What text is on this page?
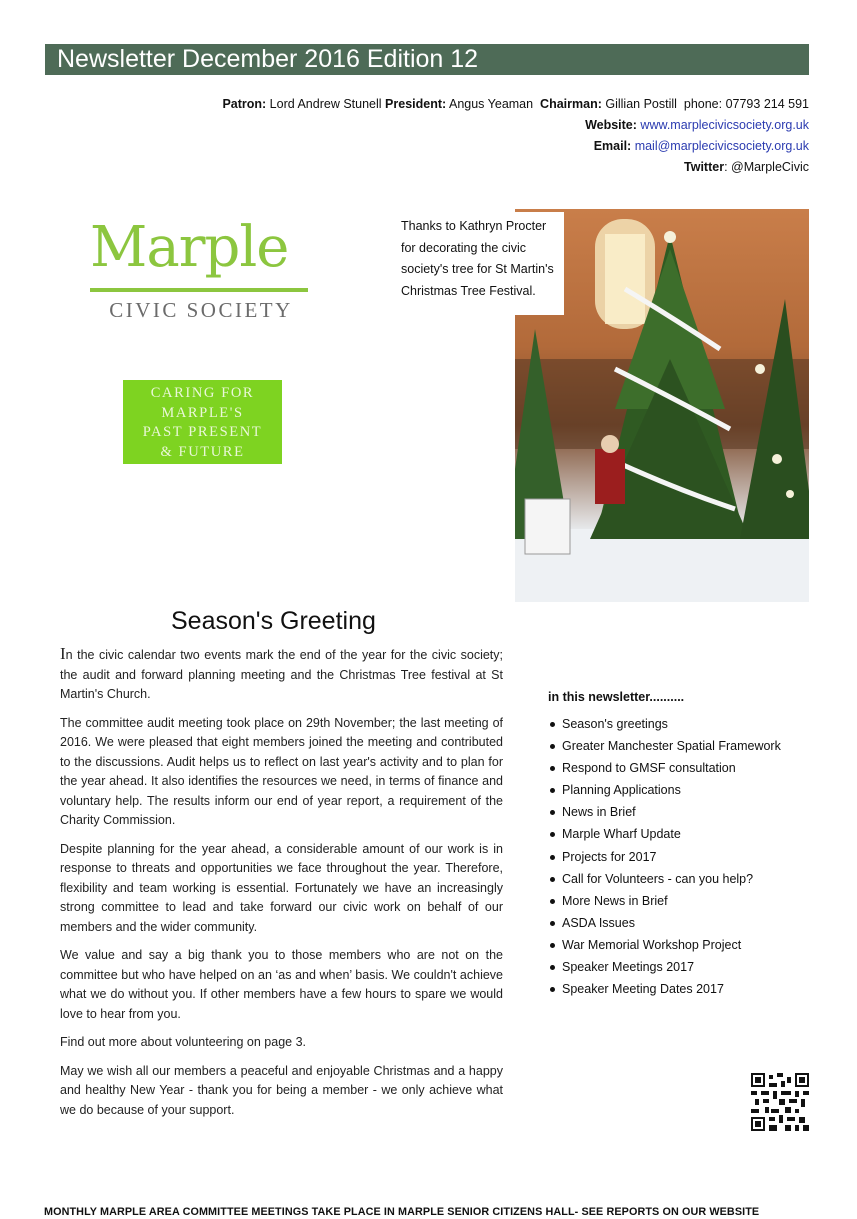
Newsletter December 2016 Edition 12
Patron: Lord Andrew Stunell President: Angus Yeaman Chairman: Gillian Postill phone: 07793 214 591
Website: www.marplecivicsociety.org.uk
Email: mail@marplecivicsociety.org.uk
Twitter: @MarpleCivic
Marple
CIVIC SOCIETY
CARING FOR
MARPLE'S
PAST PRESENT
& FUTURE
Thanks to Kathryn Procter for decorating the civic society's tree for St Martin's Christmas Tree Festival.
Season's Greeting

In the civic calendar two events mark the end of the year for the civic society; the audit and forward planning meeting and the Christmas Tree festival at St Martin's Church.

The committee audit meeting took place on 29th November; the last meeting of 2016. We were pleased that eight members joined the meeting and contributed to the discussions. Audit helps us to reflect on last year's activity and to plan for the year ahead. It also identifies the resources we need, in terms of finance and voluntary help. The results inform our end of year report, a requirement of the Charity Commission.

Despite planning for the year ahead, a considerable amount of our work is in response to threats and opportunities we face throughout the year. Therefore, flexibility and team working is essential. Fortunately we have an increasingly strong committee to lead and take forward our civic work on behalf of our members and the wider community.

We value and say a big thank you to those members who are not on the committee but who have helped on an ‘as and when’ basis. We couldn't achieve what we do without you. If other members have a few hours to spare we would love to hear from you.

Find out more about volunteering on page 3.

May we wish all our members a peaceful and enjoyable Christmas and a happy and healthy New Year - thank you for being a member - we only achieve what we do because of your support.

in this newsletter..........
Season's greetings
Greater Manchester Spatial Framework
Respond to GMSF consultation
Planning Applications
News in Brief
Marple Wharf Update
Projects for 2017
Call for Volunteers - can you help?
More News in Brief
ASDA Issues
War Memorial Workshop Project
Speaker Meetings 2017
Speaker Meeting Dates 2017
MONTHLY MARPLE AREA COMMITTEE MEETINGS TAKE PLACE IN MARPLE SENIOR CITIZENS HALL- SEE REPORTS ON OUR WEBSITE
